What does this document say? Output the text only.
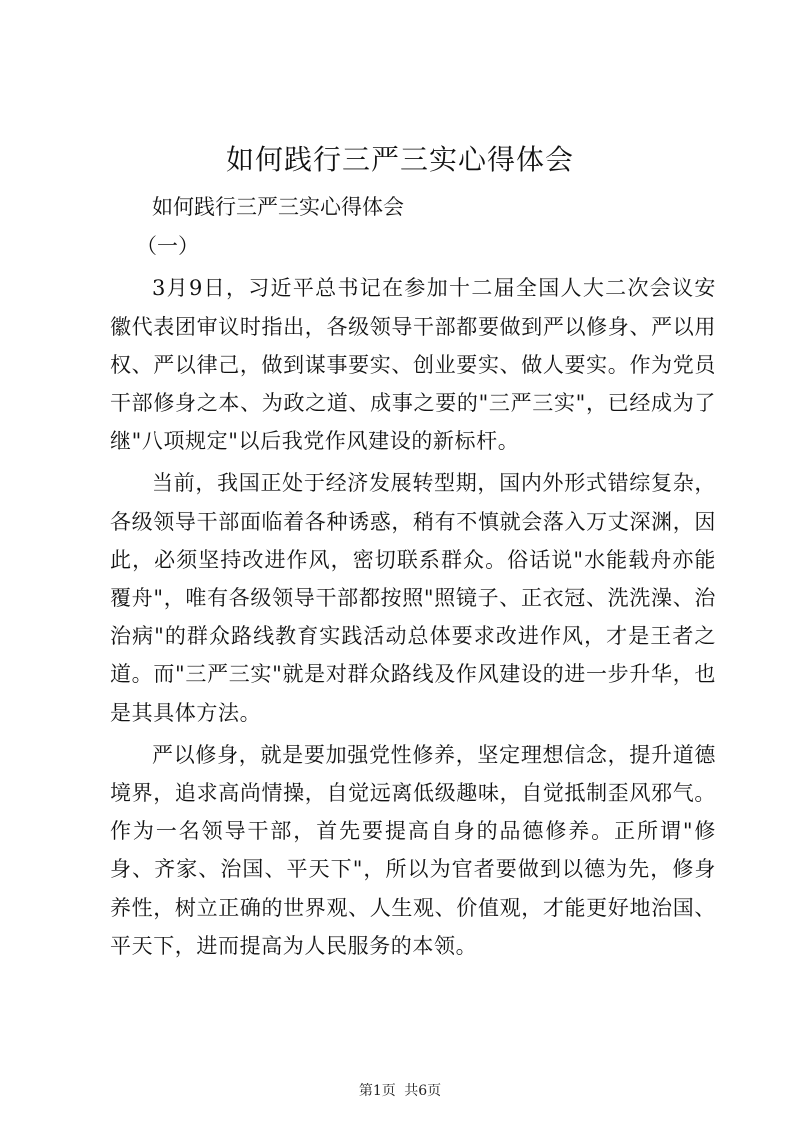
如何践行三严三实心得体会

如何践行三严三实心得体会

（一）

3月9日，习近平总书记在参加十二届全国人大二次会议安徽代表团审议时指出，各级领导干部都要做到严以修身、严以用权、严以律己，做到谋事要实、创业要实、做人要实。作为党员干部修身之本、为政之道、成事之要的"三严三实"，已经成为了继"八项规定"以后我党作风建设的新标杆。

当前，我国正处于经济发展转型期，国内外形式错综复杂，各级领导干部面临着各种诱惑，稍有不慎就会落入万丈深渊，因此，必须坚持改进作风，密切联系群众。俗话说"水能载舟亦能覆舟"，唯有各级领导干部都按照"照镜子、正衣冠、洗洗澡、治治病"的群众路线教育实践活动总体要求改进作风，才是王者之道。而"三严三实"就是对群众路线及作风建设的进一步升华，也是其具体方法。

严以修身，就是要加强党性修养，坚定理想信念，提升道德境界，追求高尚情操，自觉远离低级趣味，自觉抵制歪风邪气。作为一名领导干部，首先要提高自身的品德修养。正所谓"修身、齐家、治国、平天下"，所以为官者要做到以德为先，修身养性，树立正确的世界观、人生观、价值观，才能更好地治国、平天下，进而提高为人民服务的本领。

第1页 共6页
